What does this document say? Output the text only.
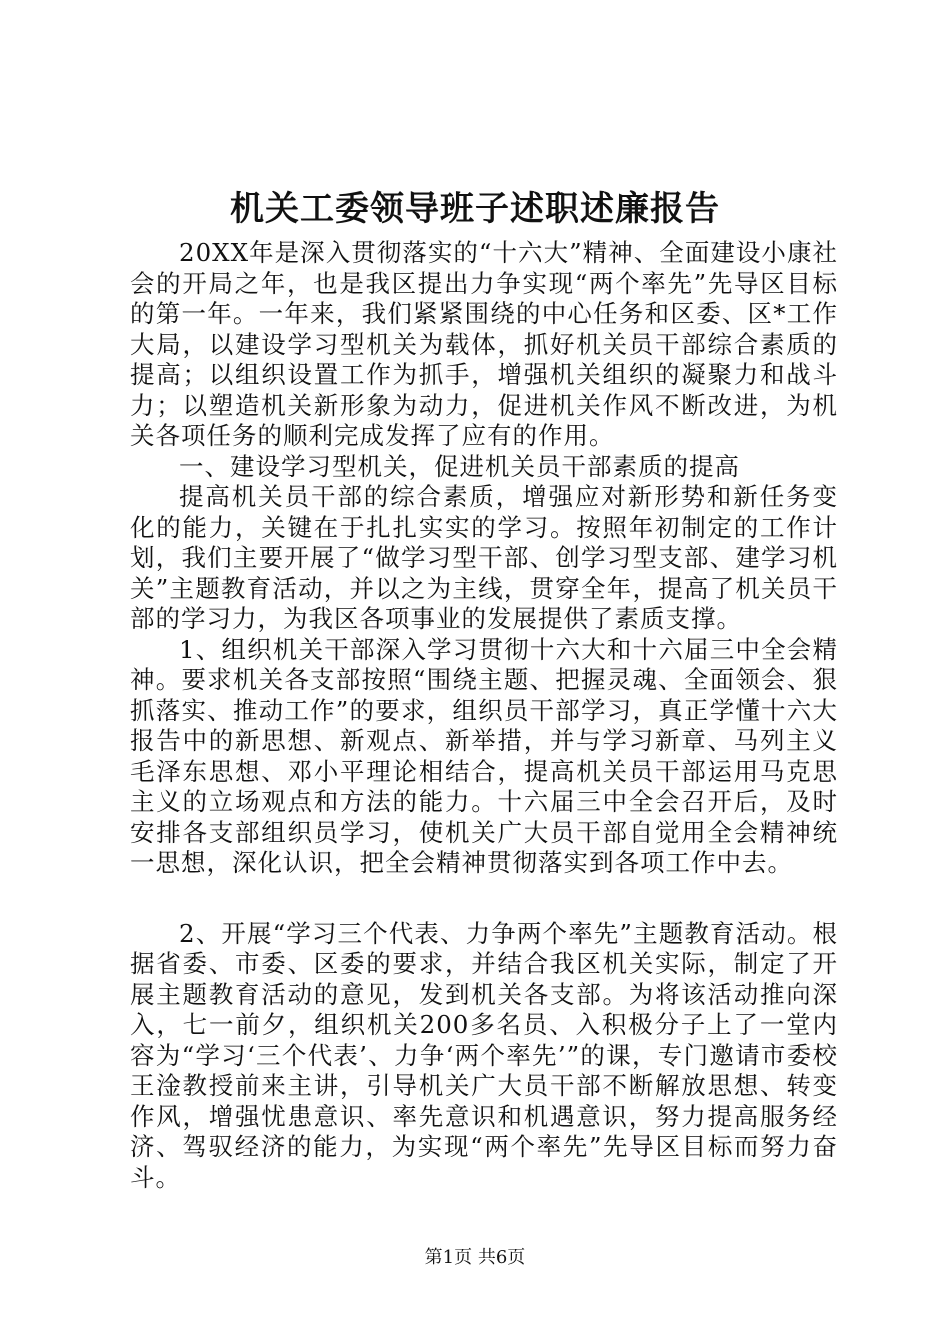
机关工委领导班子述职述廉报告

20XX年是深入贯彻落实的“十六大”精神、全面建设小康社会的开局之年，也是我区提出力争实现“两个率先”先导区目标的第一年。一年来，我们紧紧围绕的中心任务和区委、区*工作大局，以建设学习型机关为载体，抓好机关员干部综合素质的提高；以组织设置工作为抓手，增强机关组织的凝聚力和战斗力；以塑造机关新形象为动力，促进机关作风不断改进，为机关各项任务的顺利完成发挥了应有的作用。

一、建设学习型机关，促进机关员干部素质的提高

提高机关员干部的综合素质，增强应对新形势和新任务变化的能力，关键在于扎扎实实的学习。按照年初制定的工作计划，我们主要开展了“做学习型干部、创学习型支部、建学习机关”主题教育活动，并以之为主线，贯穿全年，提高了机关员干部的学习力，为我区各项事业的发展提供了素质支撑。

1、组织机关干部深入学习贯彻十六大和十六届三中全会精神。要求机关各支部按照“围绕主题、把握灵魂、全面领会、狠抓落实、推动工作”的要求，组织员干部学习，真正学懂十六大报告中的新思想、新观点、新举措，并与学习新章、马列主义毛泽东思想、邓小平理论相结合，提高机关员干部运用马克思主义的立场观点和方法的能力。十六届三中全会召开后，及时安排各支部组织员学习，使机关广大员干部自觉用全会精神统一思想，深化认识，把全会精神贯彻落实到各项工作中去。

2、开展“学习三个代表、力争两个率先”主题教育活动。根据省委、市委、区委的要求，并结合我区机关实际，制定了开展主题教育活动的意见，发到机关各支部。为将该活动推向深入，七一前夕，组织机关200多名员、入积极分子上了一堂内容为“学习‘三个代表’、力争‘两个率先’”的课，专门邀请市委校王淦教授前来主讲，引导机关广大员干部不断解放思想、转变作风，增强忧患意识、率先意识和机遇意识，努力提高服务经济、驾驭经济的能力，为实现“两个率先”先导区目标而努力奋斗。

第1页 共6页
